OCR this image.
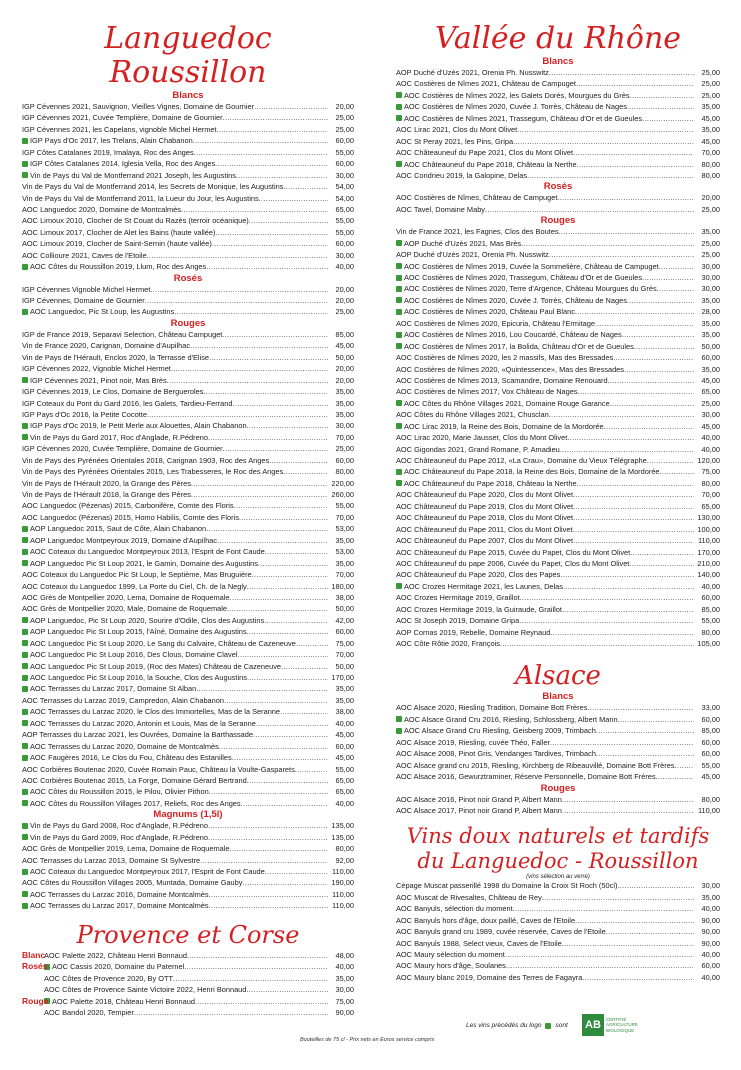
Languedoc Roussillon
Blancs
IGP Cévennes 2021, Sauvignon, Vieilles Vignes, Domaine de Gournier .....	20,00
IGP Cévennes 2021, Cuvée Templière, Domaine de Gournier .....	25,00
IGP Cévennes 2021, les Capelans, vignoble Michel Hermet .....	25,00
IGP Pays d'Oc 2017, les Trelans, Alain Chabanon .....	60,00
IGP Côtes Catalanes 2019, Imalaya, Roc des Anges .....	55,00
IGP Côtes Catalanes 2014, Iglesia Vella, Roc des Anges .....	60,00
Vin de Pays du Val de Montferrand 2021 Joseph, les Augustins .....	30,00
Vin de Pays du Val de Montferrand 2014, les Secrets de Monique, les Augustins .....	54,00
Vin de Pays du Val de Montferrand 2011, la Lueur du Jour, les Augustins .....	54,00
AOC Languedoc 2020, Domaine de Montcalmès .....	65,00
AOC Limoux 2010, Clocher de St Couat du Razès (terroir océanique) .....	55,00
AOC Limoux 2017, Clocher de Alet les Bains (haute vallée) .....	55,00
AOC Limoux 2019, Clocher de Saint-Sernin (haute vallée) .....	60,00
AOC Collioure 2021, Caves de l'Etoile .....	30,00
AOC Côtes du Roussillon 2019, Llum, Roc des Anges .....	40,00
Rosés
IGP Cévennes Vignoble Michel Hermet .....	20,00
IGP Cévennes, Domaine de Gournier .....	20,00
AOC Languedoc, Pic St Loup, les Augustins .....	25,00
Rouges
IGP de France 2019, Separavi Selection, Château Campuget .....	85,00
Vin de France 2020, Carignan, Domaine d'Aupilhac .....	45,00
Vin de Pays de l'Hérault, Enclos 2020, la Terrasse d'Elise .....	50,00
IGP Cévennes 2022, Vignoble Michel Hermet .....	20,00
IGP Cévennes 2021, Pinot noir, Mas Brès .....	20,00
IGP Cévennes 2019, Le Clos, Domaine de Bergueroles .....	35,00
IGP Coteaux du Pont du Gard 2016, les Galets, Tardieu-Ferrand .....	35,00
IGP Pays d'Oc 2016, la Petite Cocotte .....	35,00
IGP Pays d'Oc 2019, le Petit Merle aux Alouettes, Alain Chabanon .....	30,00
Vin de Pays du Gard 2017, Roc d'Anglade, R.Pédreno .....	70,00
IGP Cévennes 2020, Cuvée Templière, Domaine de Gournier .....	25,00
Vin de Pays des Pyrénées Orientales 2018, Carignan 1903, Roc des Anges .....	60,00
Vin de Pays des Pyrénées Orientales 2015, Les Trabesseres, le Roc des Anges .....	80,00
Vin de Pays de l'Hérault 2020, la Grange des Pères .....	220,00
Vin de Pays de l'Hérault 2018, la Grange des Pères .....	260,00
AOC Languedoc (Pézenas) 2015, Carbonifère, Comte des Floris .....	55,00
AOC Languedoc (Pézenas) 2015, Homo Habilis, Comte des Floris .....	70,00
AOP Languedoc 2015, Saut de Côte, Alain Chabanon .....	53,00
AOP Languedoc Montpeyroux 2019, Domaine d'Aupilhac .....	35,00
AOC Coteaux du Languedoc Montpeyroux 2013, l'Esprit de Font Caude .....	53,00
AOP Languedoc Pic St Loup 2021, le Gamin, Domaine des Augustins .....	35,00
AOC Coteaux du Languedoc Pic St Loup, le Septième, Mas Bruguière .....	70,00
AOC Coteaux du Languedoc 1999, La Porte du Ciel, Ch. de la Negly .....	180,00
AOC Grès de Montpellier 2020, Lema, Domaine de Roquemale .....	38,00
AOC Grès de Montpellier 2020, Male, Domaine de Roquemale .....	50,00
AOP Languedoc, Pic St Loup 2020, Sourire d'Odile, Clos des Augustins .....	42,00
AOP Languedoc Pic St Loup 2015, l'Aîné, Domaine des Augustins .....	60,00
AOC Languedoc Pic St Loup 2020, Le Sang du Calvaire, Château de Cazeneuve .....	75,00
AOC Languedoc Pic St Loup 2016, Des Clous, Domaine Clavel .....	70,00
AOC Languedoc Pic St Loup 2019, (Roc des Mates) Château de Cazeneuve .....	50,00
AOC Languedoc Pic St Loup 2016, la Souche, Clos des Augustins .....	170,00
AOC Terrasses du Larzac 2017, Domaine St Alban .....	35,00
AOC Terrasses du Larzac 2019, Campredon, Alain Chabanon .....	35,00
AOC Terrasses du Larzac 2020, le Clos des Immortelles, Mas de la Seranne .....	38,00
AOC Terrasses du Larzac 2020, Antonin et Louis, Mas de la Seranne .....	40,00
AOP Terrasses du Larzac 2021, les Ouvrées, Domaine la Barthassade .....	45,00
AOC Terrasses du Larzac 2020, Domaine de Montcalmès .....	60,00
AOC Faugères 2016, Le Clos du Fou, Château des Estanilles .....	45,00
AOC Corbières Boutenac 2020, Cuvée Romain Pauc, Château la Voulte-Gasparets .....	55,00
AOC Corbières Boutenac 2015, La Forge, Domaine Gérard Bertrand .....	65,00
AOC Côtes du Roussillon 2015, le Pilou, Olivier Pithon .....	65,00
AOC Côtes du Roussillon Villages 2017, Reliefs, Roc des Anges .....	40,00
Magnums (1,5l)
Vin de Pays du Gard 2008, Roc d'Anglade, R.Pédreno .....	135,00
Vin de Pays du Gard 2009, Roc d'Anglade, R.Pédreno .....	135,00
AOC Grès de Montpellier 2019, Lema, Domaine de Roquemale .....	80,00
AOC Terrasses du Larzac 2013, Domaine St Sylvestre .....	92,00
AOC Coteaux du Languedoc Montpeyroux 2017, l'Esprit de Font Caude .....	110,00
AOC Côtes du Roussillon Villages 2005, Muntada, Domaine Gauby .....	190,00
AOC Terrasses du Larzac 2016, Domaine Montcalmès .....	110,00
AOC Terrasses du Larzac 2017, Domaine Montcalmès .....	110,00
Provence et Corse
AOC Palette 2022, Château Henri Bonnaud .....	48,00
Blanc
AOC Cassis 2020, Domaine du Paternel .....	40,00
Rosés
AOC Côtes de Provence 2020, By OTT .....	35,00
AOC Côtes de Provence Sainte Victoire 2022, Henri Bonnaud .....	30,00
AOC Palette 2018, Château Henri Bonnaud .....	75,00
Rouge
AOC Bandol 2020, Tempier .....	90,00
Vallée du Rhône
Blancs
AOP Duché d'Uzès 2021, Orenia Ph. Nusswitz .....	25,00
AOC Costières de Nîmes 2021, Château de Campuget .....	25,00
AOC Costières de Nîmes 2022, les Galets Dorés, Mourgues du Grès .....	25,00
AOC Costières de Nîmes 2020, Cuvée J. Torrès, Château de Nages .....	35,00
AOC Costières de Nîmes 2021, Trassegum, Château d'Or et de Gueules .....	45,00
AOC Lirac 2021, Clos du Mont Olivet .....	35,00
AOC St Peray 2021, les Pins, Gripa .....	45,00
AOC Châteauneuf du Pape 2021, Clos du Mont Olivet .....	70,00
AOC Châteauneuf du Pape 2018, Château la Nerthe .....	80,00
AOC Condrieu 2019, la Galopine, Delas .....	80,00
Rosés
AOC Costières de Nîmes, Château de Campuget .....	20,00
AOC Tavel, Domaine Maby .....	25,00
Rouges
Vin de France 2021, les Fagnes, Clos des Boutes .....	35,00
AOP Duché d'Uzès 2021, Mas Brès .....	25,00
AOP Duché d'Uzès 2021, Orenia Ph. Nusswitz .....	25,00
AOC Costières de Nîmes 2019, Cuvée la Sommelière, Château de Campuget .....	30,00
AOC Costières de Nîmes 2020, Trassegum, Château d'Or et de Gueules .....	30,00
AOC Costières de Nîmes 2020, Terre d'Argence, Château Mourgues du Grès .....	30,00
AOC Costières de Nîmes 2020, Cuvée J. Torrès, Château de Nages .....	35,00
AOC Costières de Nîmes 2020, Château Paul Blanc .....	28,00
AOC Costières de Nîmes 2020, Epicuria, Château l'Ermitage .....	35,00
AOC Costières de Nîmes 2016, Lou Coucardé, Château de Nages .....	35,00
AOC Costières de Nîmes 2017, la Bolida, Château d'Or et de Gueules .....	50,00
AOC Costières de Nîmes 2020, les 2 massifs, Mas des Bressades .....	60,00
AOC Costières de Nîmes 2020, «Quintessence», Mas des Bressades .....	35,00
AOC Costières de Nîmes 2013, Scamandre, Domaine Renouard .....	45,00
AOC Costières de Nîmes 2017, Vox Château de Nages .....	65,00
AOC Côtes du Rhône Villages 2021, Domaine Rouge Garance .....	25,00
AOC Côtes du Rhône Villages 2021, Chusclan .....	30,00
AOC Lirac 2019, la Reine des Bois, Domaine de la Mordorée .....	45,00
AOC Lirac 2020, Marie Jausset, Clos du Mont Olivet .....	40,00
AOC Gigondas 2021, Grand Romane, P. Amadieu .....	40,00
AOC Châteauneuf du Pape 2012, «La Crau», Domaine du Vieux Télégraphe .....	120,00
AOC Châteauneuf du Pape 2018, la Reine des Bois, Domaine de la Mordorée .....	75,00
AOC Châteauneuf du Pape 2018, Château la Nerthe .....	80,00
AOC Châteauneuf du Pape 2020, Clos du Mont Olivet .....	70,00
AOC Châteauneuf du Pape 2019, Clos du Mont Olivet .....	65,00
AOC Châteauneuf du Pape 2018, Clos du Mont Olivet .....	130,00
AOC Châteauneuf du Pape 2011, Clos du Mont Olivet .....	100,00
AOC Châteauneuf du Pape 2007, Clos du Mont Olivet .....	110,00
AOC Châteauneuf du Pape 2015, Cuvée du Papet, Clos du Mont Olivet .....	170,00
AOC Châteauneuf du pape 2006, Cuvée du Papet, Clos du Mont Olivet .....	210,00
AOC Châteauneuf du Pape 2020, Clos des Papes .....	140,00
AOC Crozes Hermitage 2021, les Launes, Delas .....	40,00
AOC Crozes Hermitage 2019, Graillot .....	60,00
AOC Crozes Hermitage 2019, la Guiraude, Graillot .....	85,00
AOC St Joseph 2019, Domaine Gripa .....	55,00
AOP Cornas 2019, Rebelle, Domaine Reynaud .....	80,00
AOC Côte Rôtie 2020, François .....	105,00
Alsace
Blancs
AOC Alsace 2020, Riesling Tradition, Domaine Bott Frères .....	33,00
AOC Alsace Grand Cru 2016, Riesling, Schlossberg, Albert Mann .....	60,00
AOC Alsace Grand Cru Riesling, Geisberg 2009, Trimbach .....	85,00
AOC Alsace 2019, Riesling, cuvée Théo, Faller .....	60,00
AOC Alsace 2008, Pinot Gris, Vendanges Tardives, Trimbach .....	60,00
AOC Alsace grand cru 2015, Riesling, Kirchberg de Ribeauvillé, Domaine Bott Frères .....	55,00
AOC Alsace 2016, Gewurztraminer, Réserve Personnelle, Domaine Bott Frères .....	45,00
Rouges
AOC Alsace 2016, Pinot noir Grand P, Albert Mann .....	80,00
AOC Alsace 2017, Pinot noir Grand P, Albert Mann .....	110,00
Vins doux naturels et tardifs
du Languedoc - Roussillon
(vins sélection au verre)
Cépage Muscat passerillé 1998 du Domaine la Croix St Roch (50cl) .....	30,00
AOC Muscat de Rivesaltes, Château de Rey .....	35,00
AOC Banyuls, sélection du moment .....	40,00
AOC Banyuls hors d'âge, doux paillé, Caves de l'Etoile .....	90,00
AOC Banyuls grand cru 1989, cuvée réservée, Caves de l'Etoile .....	90,00
AOC Banyuls 1988, Select vieux, Caves de l'Etoile .....	90,00
AOC Maury sélection du moment .....	40,00
AOC Maury hors d'âge, Soulanes .....	60,00
AOC Maury blanc 2019, Domaine des Terres de Fagayra .....	40,00
Les vins précédés du logo sont AB	CERTIFIÉ AGRICULTURE BIOLOGIQUE
Bouteilles de 75 cl - Prix nets en Euros service compris
